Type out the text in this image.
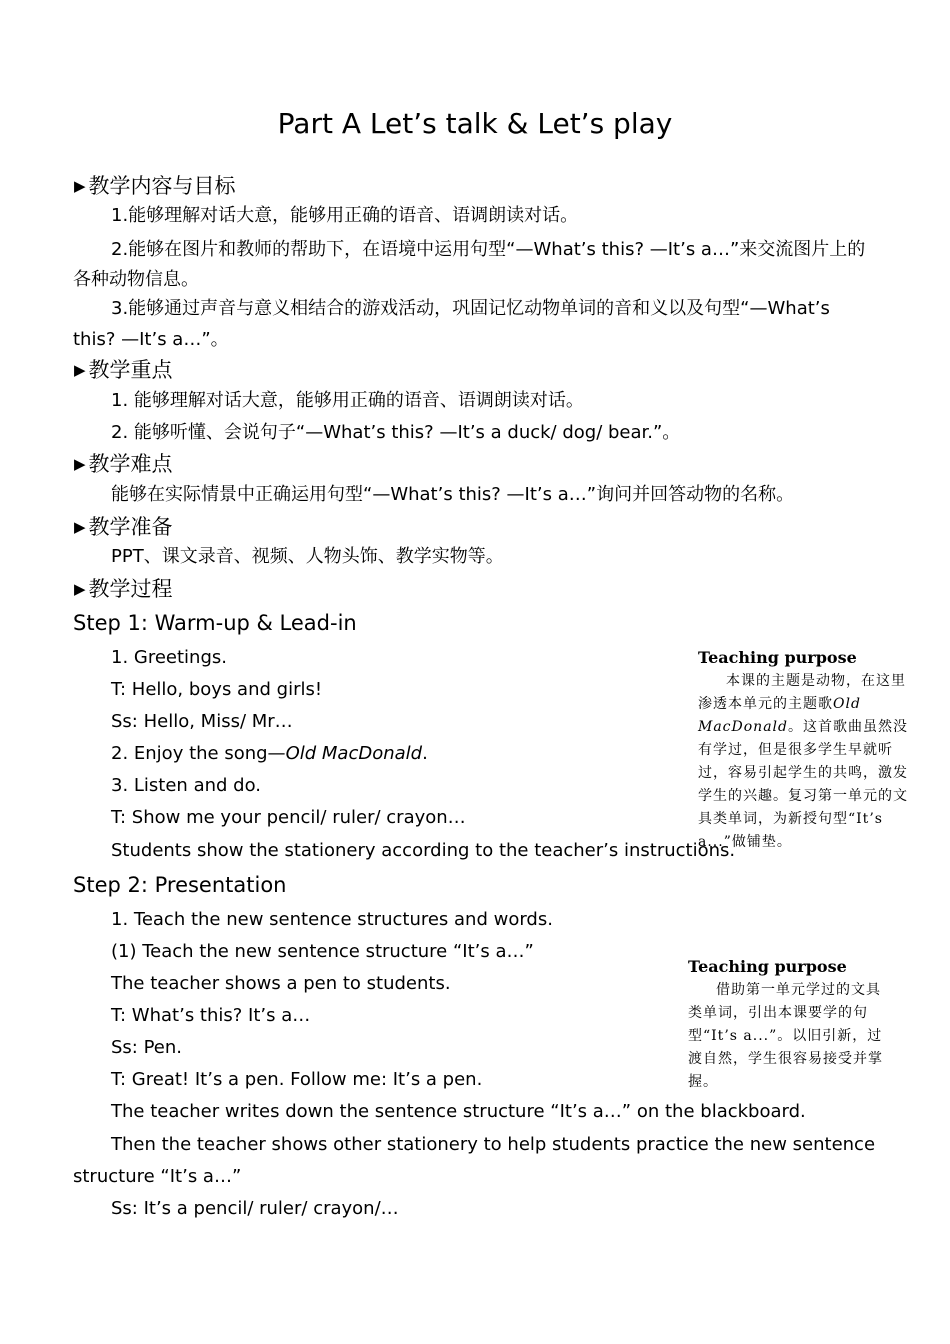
Part A Let’s talk & Let’s play
▶ 教学内容与目标
1.能够理解对话大意，能够用正确的语音、语调朗读对话。
2.能够在图片和教师的帮助下，在语境中运用句型“—What’s this? —It’s a…”来交流图片上的各种动物信息。
3.能够通过声音与意义相结合的游戏活动，巩固记忆动物单词的音和义以及句型“—What’s this? —It’s a…”。
▶ 教学重点
1. 能够理解对话大意，能够用正确的语音、语调朗读对话。
2. 能够听懂、会说句子“—What’s this? —It’s a duck/ dog/ bear.”。
▶ 教学难点
能够在实际情景中正确运用句型“—What’s this? —It’s a…”询问并回答动物的名称。
▶ 教学准备
PPT、课文录音、视频、人物头饰、教学实物等。
▶ 教学过程
Step 1: Warm-up & Lead-in
1. Greetings.
T: Hello, boys and girls!
Ss: Hello, Miss/ Mr…
2. Enjoy the song—Old MacDonald.
3. Listen and do.
T: Show me your pencil/ ruler/ crayon…
Students show the stationery according to the teacher’s instructions.
Step 2: Presentation
1. Teach the new sentence structures and words.
(1) Teach the new sentence structure “It’s a…”
The teacher shows a pen to students.
T: What’s this? It’s a…
Ss: Pen.
T: Great! It’s a pen. Follow me: It’s a pen.
The teacher writes down the sentence structure “It’s a…” on the blackboard.
Then the teacher shows other stationery to help students practice the new sentence
structure “It’s a…”
Ss: It’s a pencil/ ruler/ crayon/…
Teaching purpose
本课的主题是动物，在这里渗透本单元的主题歌Old MacDonald。这首歌曲虽然没有学过，但是很多学生早就听过，容易引起学生的共鸣，激发学生的兴趣。复习第一单元的文具类单词，为新授句型“It’s a...”做铺垫。
Teaching purpose
借助第一单元学过的文具类单词，引出本课要学的句型“It’s a...”。以旧引新，过渡自然，学生很容易接受并掌握。
